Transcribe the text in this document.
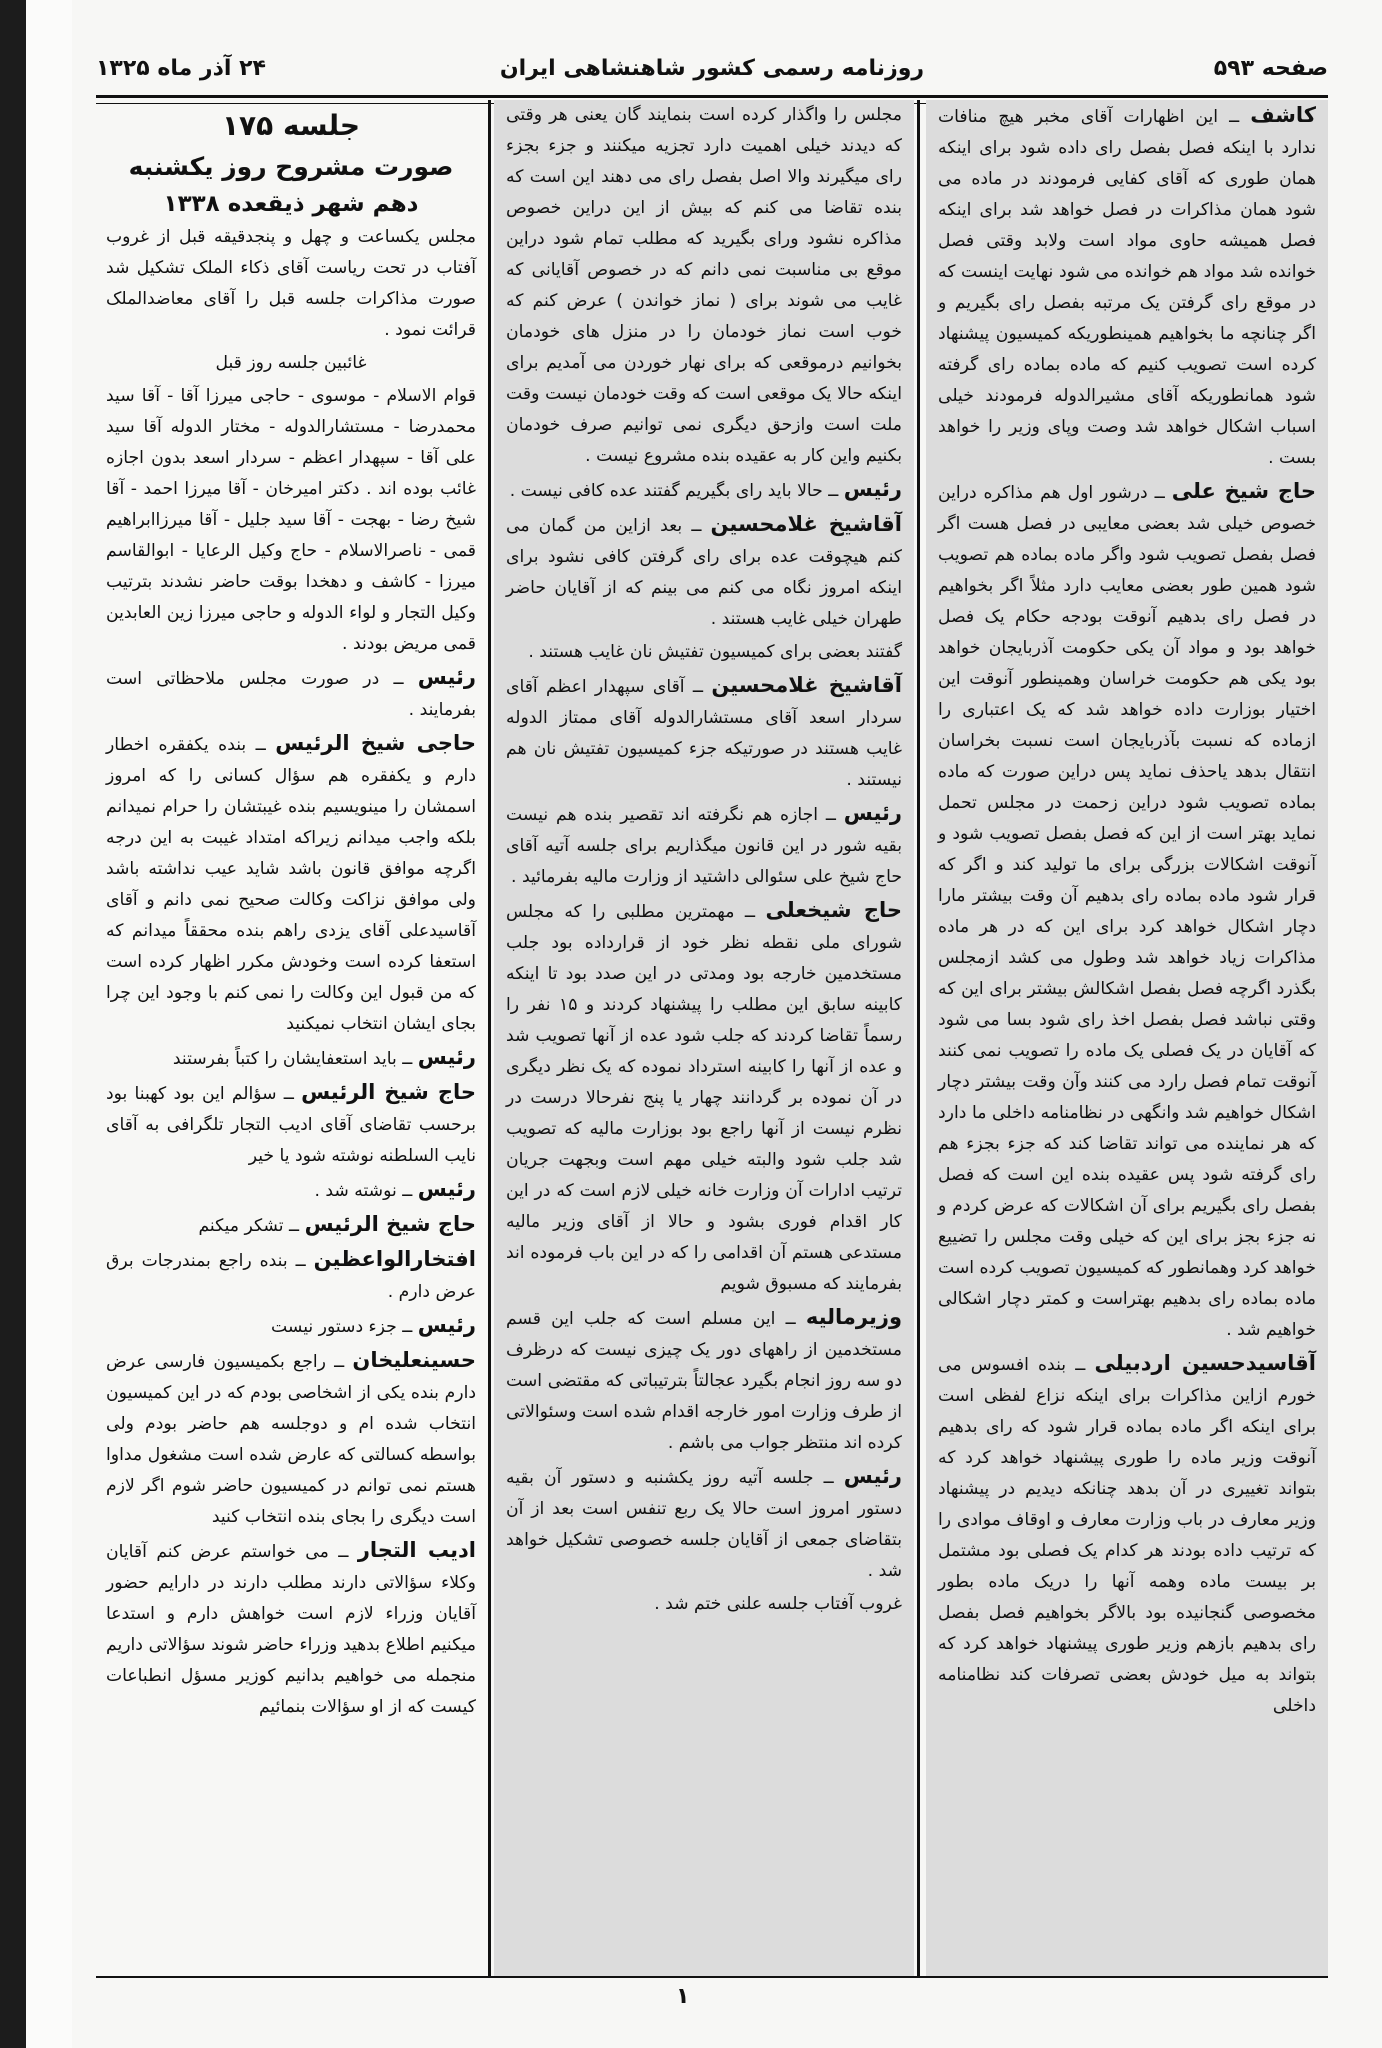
صفحه ۵۹۳
روزنامه رسمی کشور شاهنشاهی ایران
۲۴ آذر ماه ۱۳۲۵

کاشف ــ این اظهارات آقای مخبر هیچ منافات ندارد با اینکه فصل بفصل رای داده شود برای اینکه همان طوری که آقای کفایی فرمودند در ماده می شود همان مذاکرات در فصل خواهد شد برای اینکه فصل همیشه حاوی مواد است ولابد وقتی فصل خوانده شد مواد هم خوانده می شود نهایت اینست که در موقع رای گرفتن یک مرتبه بفصل رای بگیریم و اگر چنانچه ما بخواهیم همینطوریکه کمیسیون پیشنهاد کرده است تصویب کنیم که ماده بماده رای گرفته شود همانطوریکه آقای مشیرالدوله فرمودند خیلی اسباب اشکال خواهد شد وصت وپای وزیر را خواهد بست .

حاج شیخ علی ــ درشور اول هم مذاکره دراین خصوص خیلی شد بعضی معایبی در فصل هست اگر فصل بفصل تصویب شود واگر ماده بماده هم تصویب شود همین طور بعضی معایب دارد مثلاً اگر بخواهیم در فصل رای بدهیم آنوقت بودجه حکام یک فصل خواهد بود و مواد آن یکی حکومت آذربایجان خواهد بود یکی هم حکومت خراسان وهمینطور آنوقت این اختیار بوزارت داده خواهد شد که یک اعتباری را ازماده که نسبت بآذربایجان است نسبت بخراسان انتقال بدهد یاحذف نماید پس دراین صورت که ماده بماده تصویب شود دراین زحمت در مجلس تحمل نماید بهتر است از این که فصل بفصل تصویب شود و آنوقت اشکالات بزرگی برای ما تولید کند و اگر که قرار شود ماده بماده رای بدهیم آن وقت بیشتر مارا دچار اشکال خواهد کرد برای این که در هر ماده مذاکرات زیاد خواهد شد وطول می کشد ازمجلس بگذرد اگرچه فصل بفصل اشکالش بیشتر برای این که وقتی نباشد فصل بفصل اخذ رای شود بسا می شود که آقایان در یک فصلی یک ماده را تصویب نمی کنند آنوقت تمام فصل رارد می کنند وآن وقت بیشتر دچار اشکال خواهیم شد وانگهی در نظامنامه داخلی ما دارد که هر نماینده می تواند تقاضا کند که جزء بجزء هم رای گرفته شود پس عقیده بنده این است که فصل بفصل رای بگیریم برای آن اشکالات که عرض کردم و نه جزء بجز برای این که خیلی وقت مجلس را تضییع خواهد کرد وهمانطور که کمیسیون تصویب کرده است ماده بماده رای بدهیم بهتراست و کمتر دچار اشکالی خواهیم شد .

آقاسیدحسین اردبیلی ــ بنده افسوس می خورم ازاین مذاکرات برای اینکه نزاع لفظی است برای اینکه اگر ماده بماده قرار شود که رای بدهیم آنوقت وزیر ماده را طوری پیشنهاد خواهد کرد که بتواند تغییری در آن بدهد چنانکه دیدیم در پیشنهاد وزیر معارف در باب وزارت معارف و اوقاف موادی را که ترتیب داده بودند هر کدام یک فصلی بود مشتمل بر بیست ماده وهمه آنها را دریک ماده بطور مخصوصی گنجانیده بود بالاگر بخواهیم فصل بفصل رای بدهیم بازهم وزیر طوری پیشنهاد خواهد کرد که بتواند به میل خودش بعضی تصرفات کند نظامنامه داخلی

مجلس را واگذار کرده است بنمایند گان یعنی هر وقتی که دیدند خیلی اهمیت دارد تجزیه میکنند و جزء بجزء رای میگیرند والا اصل بفصل رای می دهند این است که بنده تقاضا می کنم که بیش از این دراین خصوص مذاکره نشود ورای بگیرید که مطلب تمام شود دراین موقع بی مناسبت نمی دانم که در خصوص آقایانی که غایب می شوند برای ( نماز خواندن ) عرض کنم که خوب است نماز خودمان را در منزل های خودمان بخوانیم درموقعی که برای نهار خوردن می آمدیم برای اینکه حالا یک موقعی است که وقت خودمان نیست وقت ملت است وازحق دیگری نمی توانیم صرف خودمان بکنیم واین کار به عقیده بنده مشروع نیست .

رئیس ــ حالا باید رای بگیریم گفتند عده کافی نیست .

آقاشیخ غلامحسین ــ بعد ازاین من گمان می کنم هیچوقت عده برای رای گرفتن کافی نشود برای اینکه امروز نگاه می کنم می بینم که از آقایان حاضر طهران خیلی غایب هستند .

گفتند بعضی برای کمیسیون تفتیش نان غایب هستند .

آقاشیخ غلامحسین ــ آقای سپهدار اعظم آقای سردار اسعد آقای مستشارالدوله آقای ممتاز الدوله غایب هستند در صورتیکه جزء کمیسیون تفتیش نان هم نیستند .

رئیس ــ اجازه هم نگرفته اند تقصیر بنده هم نیست بقیه شور در این قانون میگذاریم برای جلسه آتیه آقای حاج شیخ علی سئوالی داشتید از وزارت مالیه بفرمائید .

حاج شیخعلی ــ مهمترین مطلبی را که مجلس شورای ملی نقطه نظر خود از قرارداده بود جلب مستخدمین خارجه بود ومدتی در این صدد بود تا اینکه کابینه سابق این مطلب را پیشنهاد کردند و ۱۵ نفر را رسماً تقاضا کردند که جلب شود عده از آنها تصویب شد و عده از آنها را کابینه استرداد نموده که یک نظر دیگری در آن نموده بر گردانند چهار یا پنج نفرحالا درست در نظرم نیست از آنها راجع بود بوزارت مالیه که تصویب شد جلب شود والبته خیلی مهم است وبجهت جریان ترتیب ادارات آن وزارت خانه خیلی لازم است که در این کار اقدام فوری بشود و حالا از آقای وزیر مالیه مستدعی هستم آن اقدامی را که در این باب فرموده اند بفرمایند که مسبوق شویم

وزیرمالیه ــ این مسلم است که جلب این قسم مستخدمین از راههای دور یک چیزی نیست که درظرف دو سه روز انجام بگیرد عجالتاً بترتیباتی که مقتضی است از طرف وزارت امور خارجه اقدام شده است وسئوالاتی کرده اند منتظر جواب می باشم .

رئیس ــ جلسه آتیه روز یکشنبه و دستور آن بقیه دستور امروز است حالا یک ربع تنفس است بعد از آن بتقاضای جمعی از آقایان جلسه خصوصی تشکیل خواهد شد .

غروب آفتاب جلسه علنی ختم شد .

جلسه ۱۷۵
صورت مشروح روز یکشنبه
دهم شهر ذیقعده ۱۳۳۸

مجلس یکساعت و چهل و پنجدقیقه قبل از غروب آفتاب در تحت ریاست آقای ذکاء الملک تشکیل شد صورت مذاکرات جلسه قبل را آقای معاضدالملک قرائت نمود .

غائبین جلسه روز قبل

قوام الاسلام - موسوی - حاجی میرزا آقا - آقا سید محمدرضا - مستشارالدوله - مختار الدوله آقا سید علی آقا - سپهدار اعظم - سردار اسعد بدون اجازه غائب بوده اند . دکتر امیرخان - آقا میرزا احمد - آقا شیخ رضا - بهجت - آقا سید جلیل - آقا میرزاابراهیم قمی - ناصرالاسلام - حاج وکیل الرعایا - ابوالقاسم میرزا - کاشف و دهخدا بوقت حاضر نشدند بترتیب وکیل التجار و لواء الدوله و حاجی میرزا زین العابدین قمی مریض بودند .

رئیس ــ در صورت مجلس ملاحظاتی است بفرمایند .

حاجی شیخ الرئیس ــ بنده یکفقره اخطار دارم و یکفقره هم سؤال کسانی را که امروز اسمشان را مینویسیم بنده غیبتشان را حرام نمیدانم بلکه واجب میدانم زیراکه امتداد غیبت به این درجه اگرچه موافق قانون باشد شاید عیب نداشته باشد ولی موافق نزاکت وکالت صحیح نمی دانم و آقای آقاسیدعلی آقای یزدی راهم بنده محققاً میدانم که استعفا کرده است وخودش مکرر اظهار کرده است که من قبول این وکالت را نمی کنم با وجود این چرا بجای ایشان انتخاب نمیکنید

رئیس ــ باید استعفایشان را کتباً بفرستند

حاج شیخ الرئیس ــ سؤالم این بود کهبنا بود برحسب تقاضای آقای ادیب التجار تلگرافی به آقای نایب السلطنه نوشته شود یا خیر

رئیس ــ نوشته شد .

حاج شیخ الرئیس ــ تشکر میکنم

افتخارالواعظین ــ بنده راجع بمندرجات برق عرض دارم .

رئیس ــ جزء دستور نیست

حسینعلیخان ــ راجع بکمیسیون فارسی عرض دارم بنده یکی از اشخاصی بودم که در این کمیسیون انتخاب شده ام و دوجلسه هم حاضر بودم ولی بواسطه کسالتی که عارض شده است مشغول مداوا هستم نمی توانم در کمیسیون حاضر شوم اگر لازم است دیگری را بجای بنده انتخاب کنید

ادیب التجار ــ می خواستم عرض کنم آقایان وکلاء سؤالاتی دارند مطلب دارند در دارایم حضور آقایان وزراء لازم است خواهش دارم و استدعا میکنیم اطلاع بدهید وزراء حاضر شوند سؤالاتی داریم منجمله می خواهیم بدانیم کوزیر مسؤل انطباعات کیست که از او سؤالات بنمائیم

۱
